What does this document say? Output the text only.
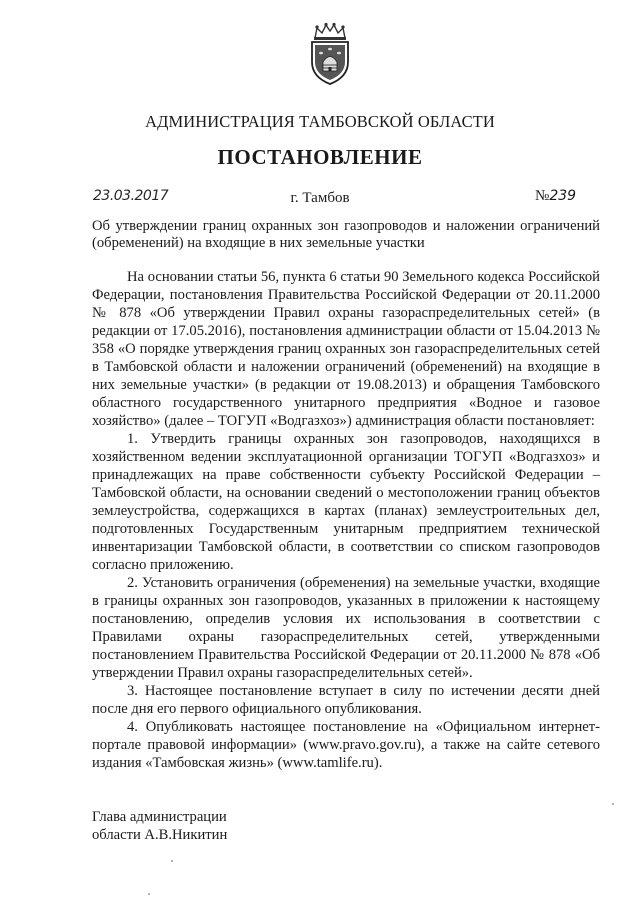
АДМИНИСТРАЦИЯ ТАМБОВСКОЙ ОБЛАСТИ
ПОСТАНОВЛЕНИЕ
23.03.2017	г. Тамбов	№239
Об утверждении границ охранных зон газопроводов и наложении ограничений (обременений) на входящие в них земельные участки

На основании статьи 56, пункта 6 статьи 90 Земельного кодекса Российской Федерации, постановления Правительства Российской Федерации от 20.11.2000 № 878 «Об утверждении Правил охраны газораспределительных сетей» (в редакции от 17.05.2016), постановления администрации области от 15.04.2013 № 358 «О порядке утверждения границ охранных зон газораспределительных сетей в Тамбовской области и наложении ограничений (обременений) на входящие в них земельные участки» (в редакции от 19.08.2013) и обращения Тамбовского областного государственного унитарного предприятия «Водное и газовое хозяйство» (далее – ТОГУП «Водгазхоз») администрация области постановляет:

1. Утвердить границы охранных зон газопроводов, находящихся в хозяйственном ведении эксплуатационной организации ТОГУП «Водгазхоз» и принадлежащих на праве собственности субъекту Российской Федерации – Тамбовской области, на основании сведений о местоположении границ объектов землеустройства, содержащихся в картах (планах) землеустроительных дел, подготовленных Государственным унитарным предприятием технической инвентаризации Тамбовской области, в соответствии со списком газопроводов согласно приложению.

2. Установить ограничения (обременения) на земельные участки, входящие в границы охранных зон газопроводов, указанных в приложении к настоящему постановлению, определив условия их использования в соответствии с Правилами охраны газораспределительных сетей, утвержденными постановлением Правительства Российской Федерации от 20.11.2000 № 878 «Об утверждении Правил охраны газораспределительных сетей».

3. Настоящее постановление вступает в силу по истечении десяти дней после дня его первого официального опубликования.

4. Опубликовать настоящее постановление на «Официальном интернет-портале правовой информации» (www.pravo.gov.ru), а также на сайте сетевого издания «Тамбовская жизнь» (www.tamlife.ru).

Глава администрации
области А.В.Никитин
